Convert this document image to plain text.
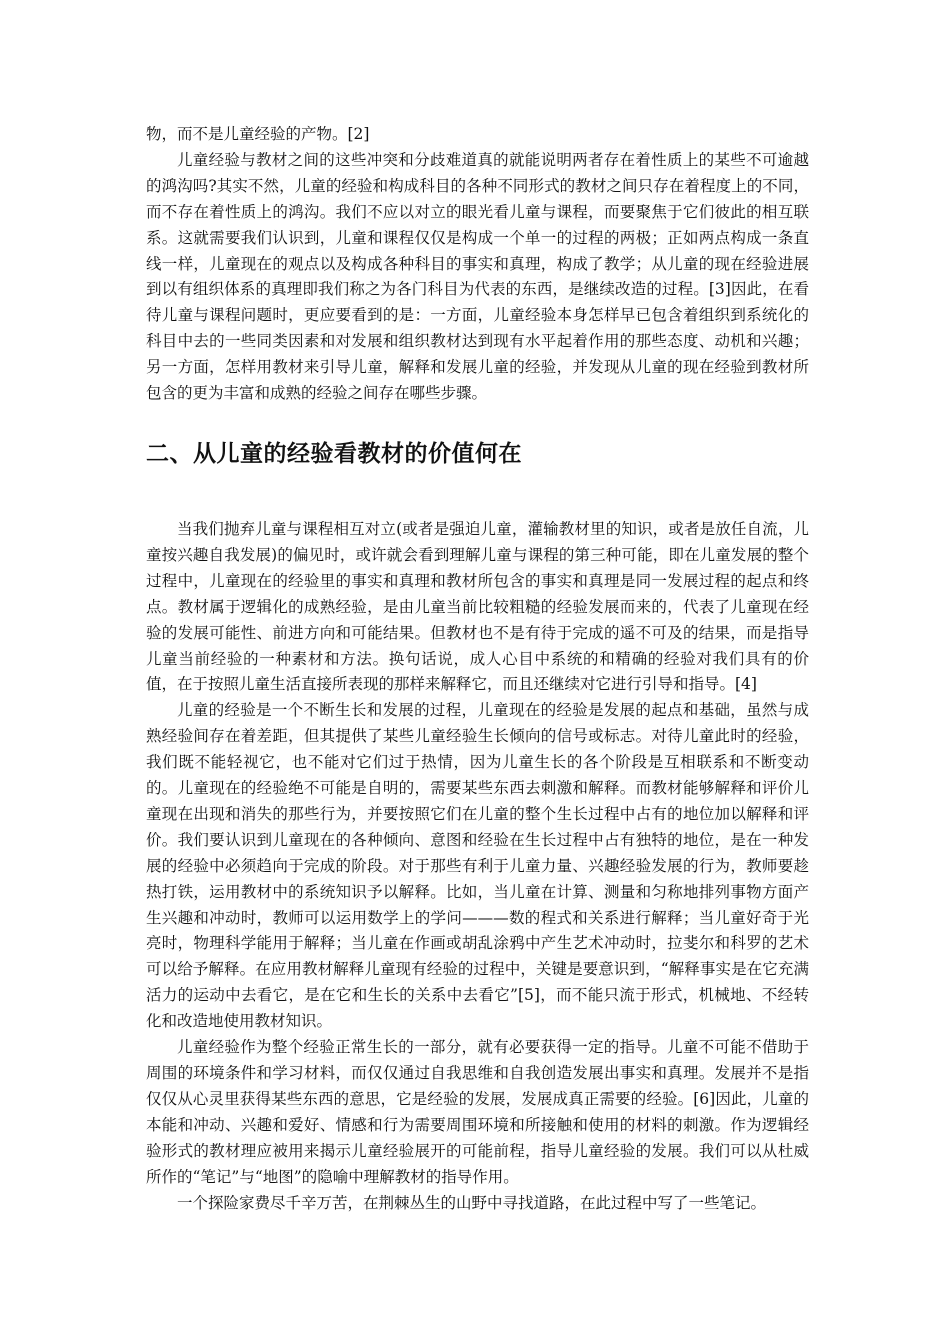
物，而不是儿童经验的产物。[2]

儿童经验与教材之间的这些冲突和分歧难道真的就能说明两者存在着性质上的某些不可逾越的鸿沟吗?其实不然，儿童的经验和构成科目的各种不同形式的教材之间只存在着程度上的不同，而不存在着性质上的鸿沟。我们不应以对立的眼光看儿童与课程，而要聚焦于它们彼此的相互联系。这就需要我们认识到，儿童和课程仅仅是构成一个单一的过程的两极；正如两点构成一条直线一样，儿童现在的观点以及构成各种科目的事实和真理，构成了教学；从儿童的现在经验进展到以有组织体系的真理即我们称之为各门科目为代表的东西，是继续改造的过程。[3]因此，在看待儿童与课程问题时，更应要看到的是：一方面，儿童经验本身怎样早已包含着组织到系统化的科目中去的一些同类因素和对发展和组织教材达到现有水平起着作用的那些态度、动机和兴趣；另一方面，怎样用教材来引导儿童，解释和发展儿童的经验，并发现从儿童的现在经验到教材所包含的更为丰富和成熟的经验之间存在哪些步骤。

二、从儿童的经验看教材的价值何在

当我们抛弃儿童与课程相互对立(或者是强迫儿童，灌输教材里的知识，或者是放任自流，儿童按兴趣自我发展)的偏见时，或许就会看到理解儿童与课程的第三种可能，即在儿童发展的整个过程中，儿童现在的经验里的事实和真理和教材所包含的事实和真理是同一发展过程的起点和终点。教材属于逻辑化的成熟经验，是由儿童当前比较粗糙的经验发展而来的，代表了儿童现在经验的发展可能性、前进方向和可能结果。但教材也不是有待于完成的遥不可及的结果，而是指导儿童当前经验的一种素材和方法。换句话说，成人心目中系统的和精确的经验对我们具有的价值，在于按照儿童生活直接所表现的那样来解释它，而且还继续对它进行引导和指导。[4]

儿童的经验是一个不断生长和发展的过程，儿童现在的经验是发展的起点和基础，虽然与成熟经验间存在着差距，但其提供了某些儿童经验生长倾向的信号或标志。对待儿童此时的经验，我们既不能轻视它，也不能对它们过于热情，因为儿童生长的各个阶段是互相联系和不断变动的。儿童现在的经验绝不可能是自明的，需要某些东西去刺激和解释。而教材能够解释和评价儿童现在出现和消失的那些行为，并要按照它们在儿童的整个生长过程中占有的地位加以解释和评价。我们要认识到儿童现在的各种倾向、意图和经验在生长过程中占有独特的地位，是在一种发展的经验中必须趋向于完成的阶段。对于那些有利于儿童力量、兴趣经验发展的行为，教师要趁热打铁，运用教材中的系统知识予以解释。比如，当儿童在计算、测量和匀称地排列事物方面产生兴趣和冲动时，教师可以运用数学上的学问———数的程式和关系进行解释；当儿童好奇于光亮时，物理科学能用于解释；当儿童在作画或胡乱涂鸦中产生艺术冲动时，拉斐尔和科罗的艺术可以给予解释。在应用教材解释儿童现有经验的过程中，关键是要意识到，“解释事实是在它充满活力的运动中去看它，是在它和生长的关系中去看它”[5]，而不能只流于形式，机械地、不经转化和改造地使用教材知识。

儿童经验作为整个经验正常生长的一部分，就有必要获得一定的指导。儿童不可能不借助于周围的环境条件和学习材料，而仅仅通过自我思维和自我创造发展出事实和真理。发展并不是指仅仅从心灵里获得某些东西的意思，它是经验的发展，发展成真正需要的经验。[6]因此，儿童的本能和冲动、兴趣和爱好、情感和行为需要周围环境和所接触和使用的材料的刺激。作为逻辑经验形式的教材理应被用来揭示儿童经验展开的可能前程，指导儿童经验的发展。我们可以从杜威所作的“笔记”与“地图”的隐喻中理解教材的指导作用。

一个探险家费尽千辛万苦，在荆棘丛生的山野中寻找道路，在此过程中写了一些笔记。
